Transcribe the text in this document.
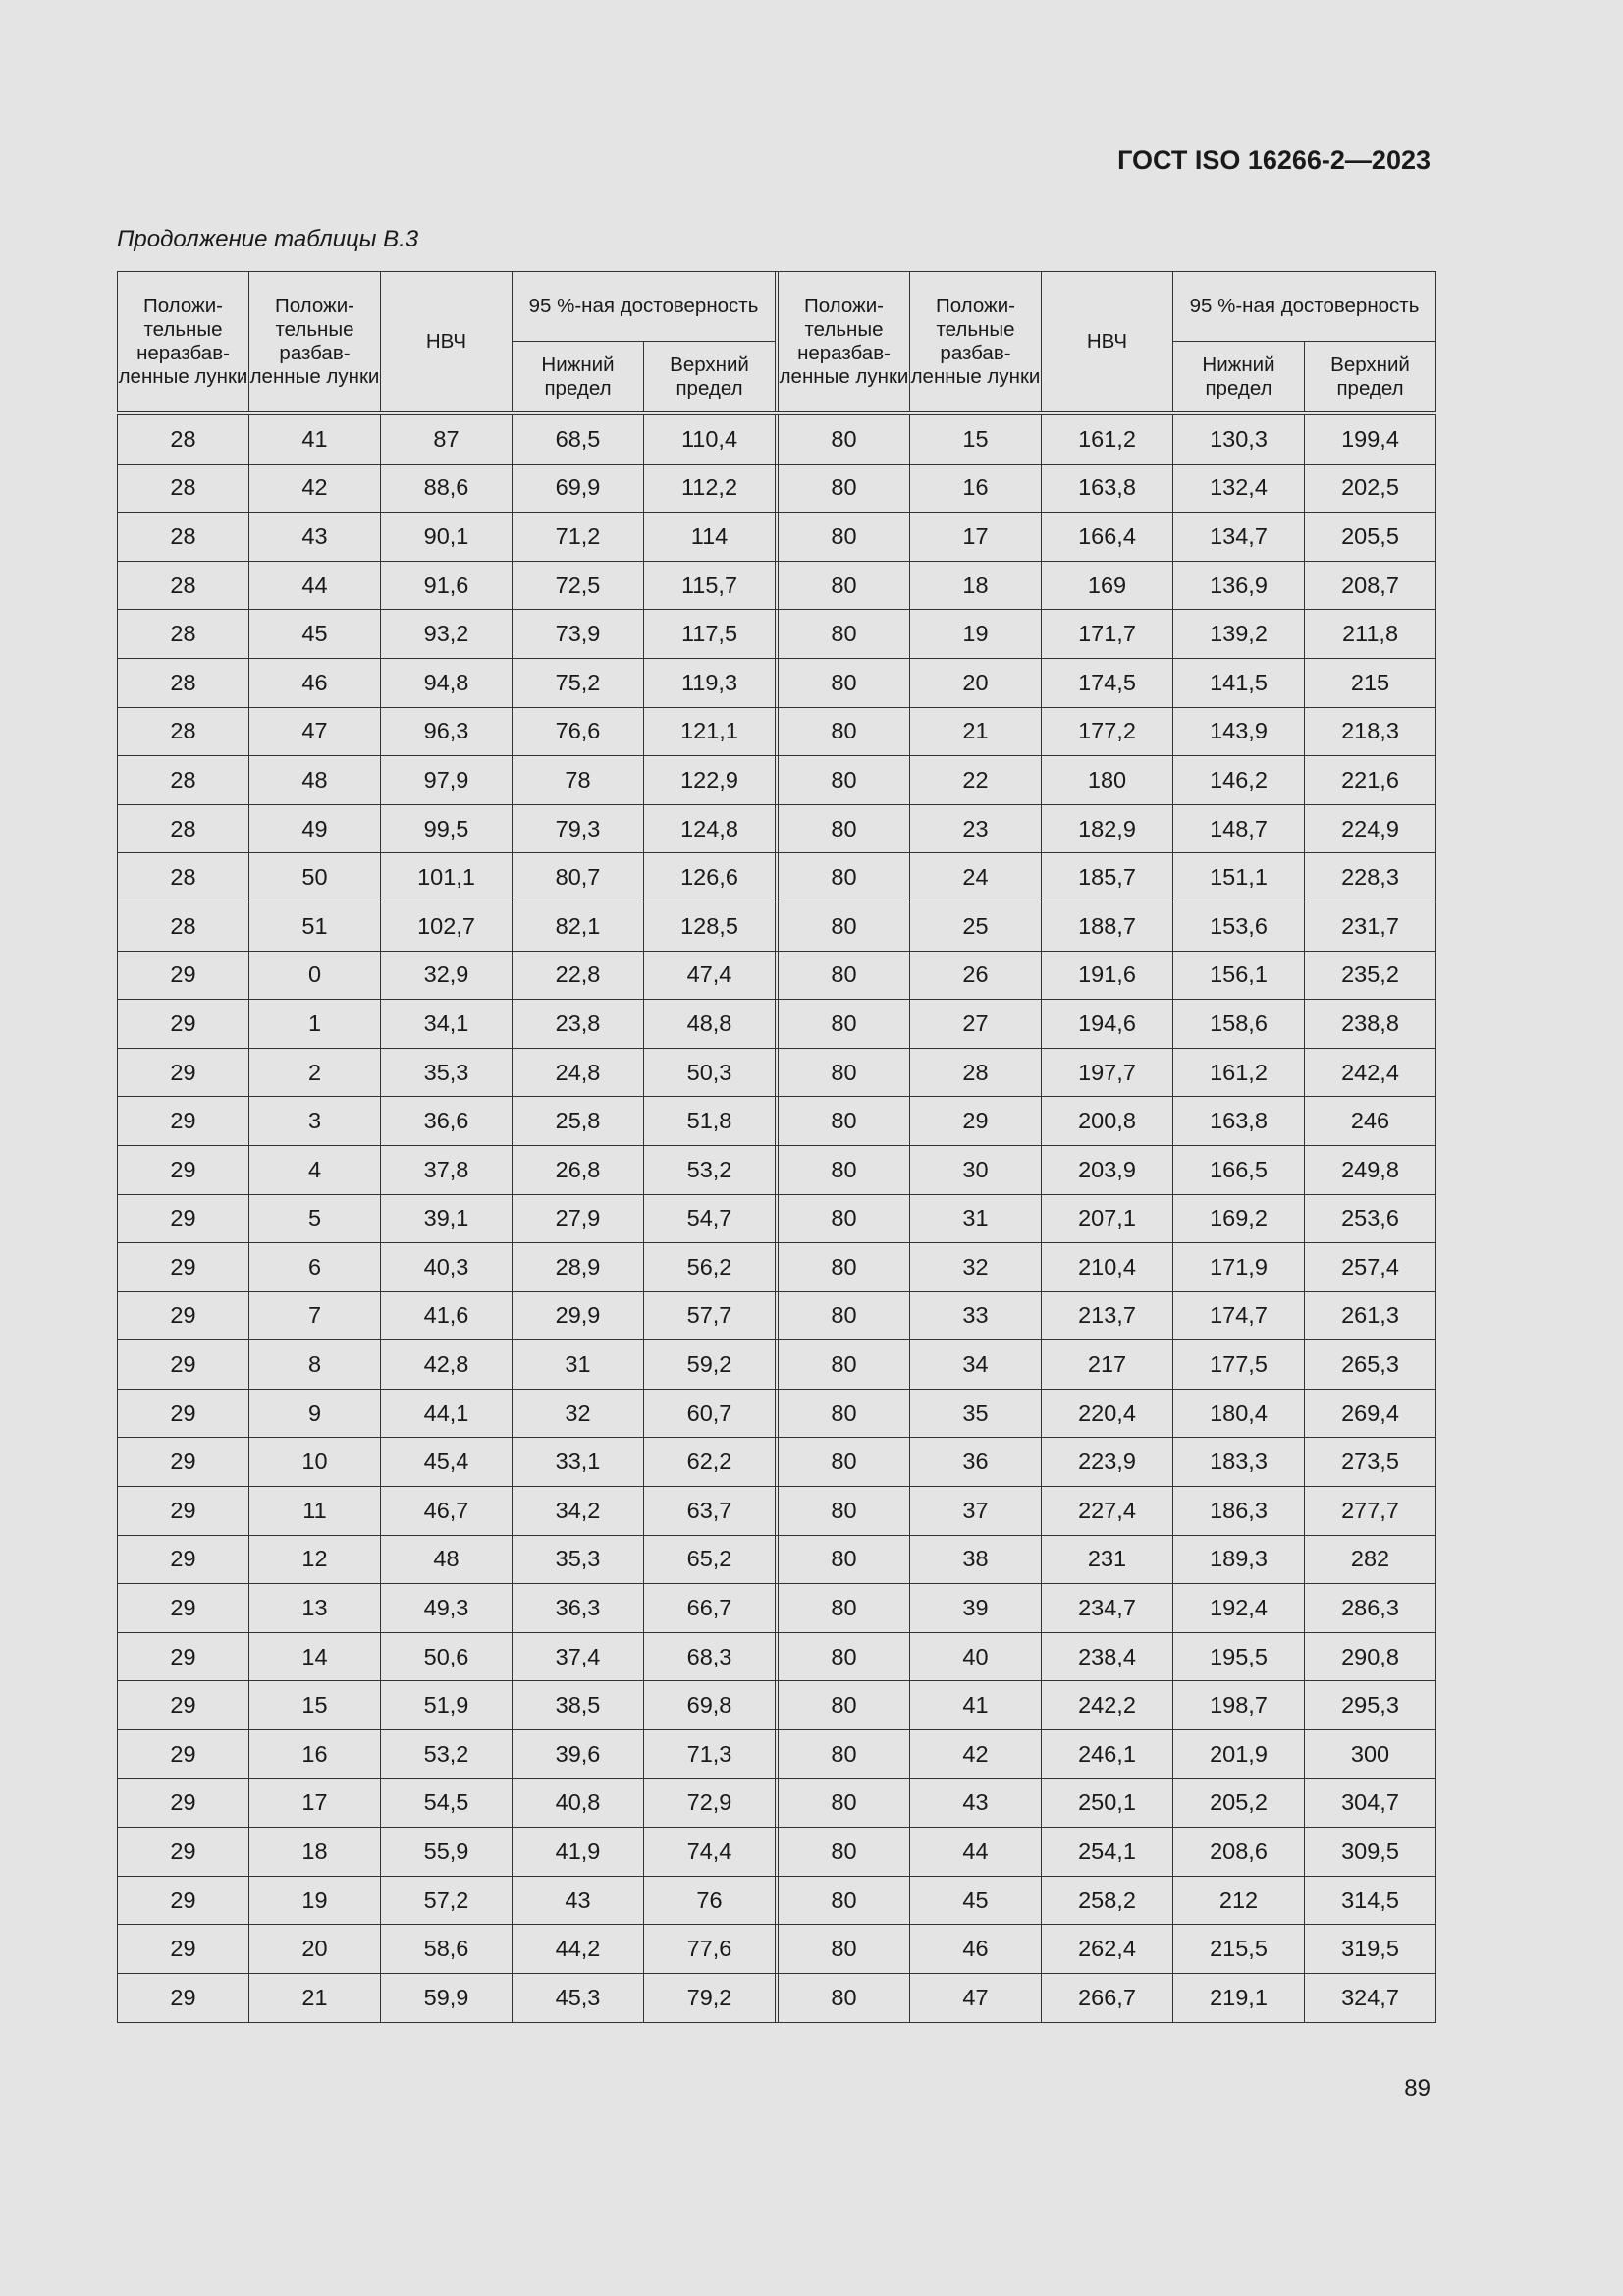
ГОСТ ISO 16266-2—2023
Продолжение таблицы В.3
Положи-тельные неразбав-ленные лунки	Положи-тельные разбав-ленные лунки	НВЧ	95 %-ная достоверность			Положи-тельные неразбав-ленные лунки	Положи-тельные разбав-ленные лунки	НВЧ	95 %-ная достоверность	
			Нижний предел	Верхний предел					Нижний предел	Верхний предел
28	41	87	68,5	110,4		80	15	161,2	130,3	199,4
28	42	88,6	69,9	112,2		80	16	163,8	132,4	202,5
28	43	90,1	71,2	114		80	17	166,4	134,7	205,5
28	44	91,6	72,5	115,7		80	18	169	136,9	208,7
28	45	93,2	73,9	117,5		80	19	171,7	139,2	211,8
28	46	94,8	75,2	119,3		80	20	174,5	141,5	215
28	47	96,3	76,6	121,1		80	21	177,2	143,9	218,3
28	48	97,9	78	122,9		80	22	180	146,2	221,6
28	49	99,5	79,3	124,8		80	23	182,9	148,7	224,9
28	50	101,1	80,7	126,6		80	24	185,7	151,1	228,3
28	51	102,7	82,1	128,5		80	25	188,7	153,6	231,7
29	0	32,9	22,8	47,4		80	26	191,6	156,1	235,2
29	1	34,1	23,8	48,8		80	27	194,6	158,6	238,8
29	2	35,3	24,8	50,3		80	28	197,7	161,2	242,4
29	3	36,6	25,8	51,8		80	29	200,8	163,8	246
29	4	37,8	26,8	53,2		80	30	203,9	166,5	249,8
29	5	39,1	27,9	54,7		80	31	207,1	169,2	253,6
29	6	40,3	28,9	56,2		80	32	210,4	171,9	257,4
29	7	41,6	29,9	57,7		80	33	213,7	174,7	261,3
29	8	42,8	31	59,2		80	34	217	177,5	265,3
29	9	44,1	32	60,7		80	35	220,4	180,4	269,4
29	10	45,4	33,1	62,2		80	36	223,9	183,3	273,5
29	11	46,7	34,2	63,7		80	37	227,4	186,3	277,7
29	12	48	35,3	65,2		80	38	231	189,3	282
29	13	49,3	36,3	66,7		80	39	234,7	192,4	286,3
29	14	50,6	37,4	68,3		80	40	238,4	195,5	290,8
29	15	51,9	38,5	69,8		80	41	242,2	198,7	295,3
29	16	53,2	39,6	71,3		80	42	246,1	201,9	300
29	17	54,5	40,8	72,9		80	43	250,1	205,2	304,7
29	18	55,9	41,9	74,4		80	44	254,1	208,6	309,5
29	19	57,2	43	76		80	45	258,2	212	314,5
29	20	58,6	44,2	77,6		80	46	262,4	215,5	319,5
29	21	59,9	45,3	79,2		80	47	266,7	219,1	324,7
89
